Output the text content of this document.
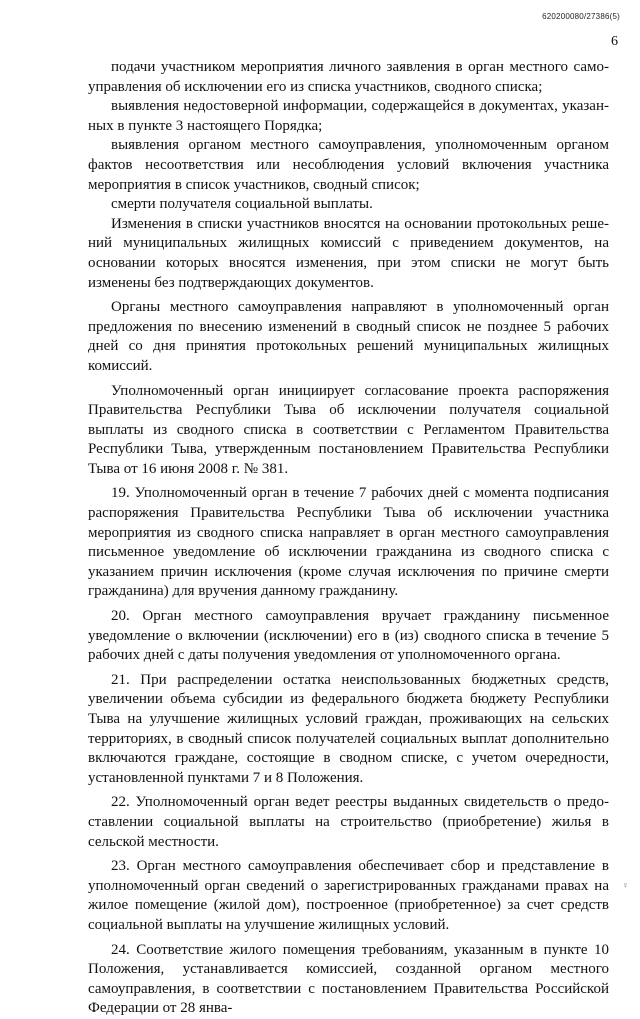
620200080/27386(5)
6

подачи участником мероприятия личного заявления в орган местного самоуправления об исключении его из списка участников, сводного списка;

выявления недостоверной информации, содержащейся в документах, указанных в пункте 3 настоящего Порядка;

выявления органом местного самоуправления, уполномоченным органом фактов несоответствия или несоблюдения условий включения участника мероприятия в список участников, сводный список;

смерти получателя социальной выплаты.

Изменения в списки участников вносятся на основании протокольных решений муниципальных жилищных комиссий с приведением документов, на основании которых вносятся изменения, при этом списки не могут быть изменены без подтверждающих документов.

Органы местного самоуправления направляют в уполномоченный орган предложения по внесению изменений в сводный список не позднее 5 рабочих дней со дня принятия протокольных решений муниципальных жилищных комиссий.

Уполномоченный орган инициирует согласование проекта распоряжения Правительства Республики Тыва об исключении получателя социальной выплаты из сводного списка в соответствии с Регламентом Правительства Республики Тыва, утвержденным постановлением Правительства Республики Тыва от 16 июня 2008 г. № 381.

19. Уполномоченный орган в течение 7 рабочих дней с момента подписания распоряжения Правительства Республики Тыва об исключении участника мероприятия из сводного списка направляет в орган местного самоуправления письменное уведомление об исключении гражданина из сводного списка с указанием причин исключения (кроме случая исключения по причине смерти гражданина) для вручения данному гражданину.

20. Орган местного самоуправления вручает гражданину письменное уведомление о включении (исключении) его в (из) сводного списка в течение 5 рабочих дней с даты получения уведомления от уполномоченного органа.

21. При распределении остатка неиспользованных бюджетных средств, увеличении объема субсидии из федерального бюджета бюджету Республики Тыва на улучшение жилищных условий граждан, проживающих на сельских территориях, в сводный список получателей социальных выплат дополнительно включаются граждане, состоящие в сводном списке, с учетом очередности, установленной пунктами 7 и 8 Положения.

22. Уполномоченный орган ведет реестры выданных свидетельств о предоставлении социальной выплаты на строительство (приобретение) жилья в сельской местности.

23. Орган местного самоуправления обеспечивает сбор и представление в уполномоченный орган сведений о зарегистрированных гражданами правах на жилое помещение (жилой дом), построенное (приобретенное) за счет средств социальной выплаты на улучшение жилищных условий.

24. Соответствие жилого помещения требованиям, указанным в пункте 10 Положения, устанавливается комиссией, созданной органом местного самоуправления, в соответствии с постановлением Правительства Российской Федерации от 28 янва-

♀
